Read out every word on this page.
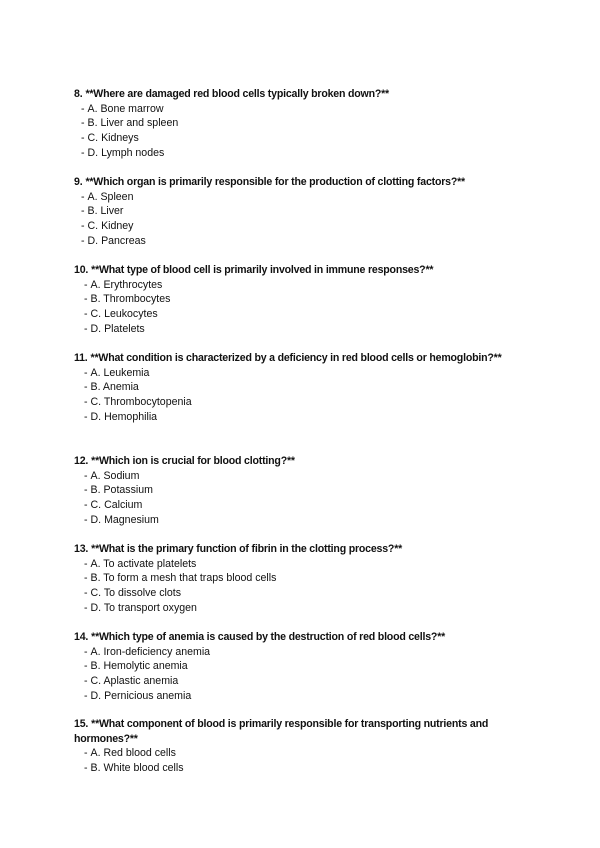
8. **Where are damaged red blood cells typically broken down?**
- A. Bone marrow
- B. Liver and spleen
- C. Kidneys
- D. Lymph nodes
9. **Which organ is primarily responsible for the production of clotting factors?**
- A. Spleen
- B. Liver
- C. Kidney
- D. Pancreas
10. **What type of blood cell is primarily involved in immune responses?**
- A. Erythrocytes
- B. Thrombocytes
- C. Leukocytes
- D. Platelets
11. **What condition is characterized by a deficiency in red blood cells or hemoglobin?**
- A. Leukemia
- B. Anemia
- C. Thrombocytopenia
- D. Hemophilia
12. **Which ion is crucial for blood clotting?**
- A. Sodium
- B. Potassium
- C. Calcium
- D. Magnesium
13. **What is the primary function of fibrin in the clotting process?**
- A. To activate platelets
- B. To form a mesh that traps blood cells
- C. To dissolve clots
- D. To transport oxygen
14. **Which type of anemia is caused by the destruction of red blood cells?**
- A. Iron-deficiency anemia
- B. Hemolytic anemia
- C. Aplastic anemia
- D. Pernicious anemia
15. **What component of blood is primarily responsible for transporting nutrients and hormones?**
- A. Red blood cells
- B. White blood cells
